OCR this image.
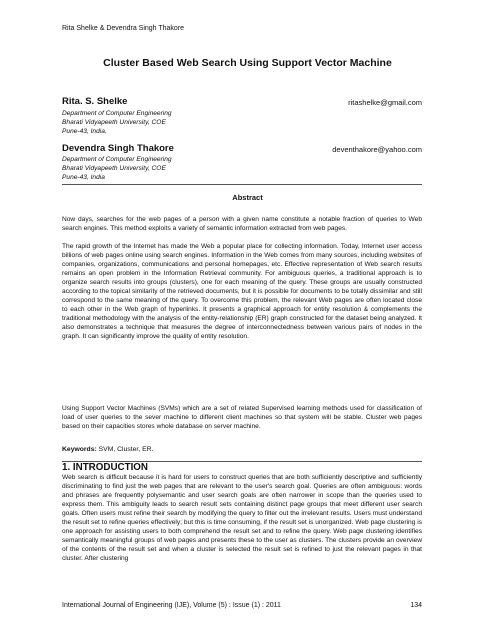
Rita Shelke & Devendra Singh Thakore
Cluster Based Web Search Using Support Vector Machine
Rita. S. Shelke	ritashelke@gmail.com
Department of Computer Engineering
Bharati Vidyapeeth University, COE
Pune-43, India.
Devendra Singh Thakore	deventhakore@yahoo.com
Department of Computer Engineering
Bharati Vidyapeeth University, COE
Pune-43, India
Abstract

Now days, searches for the web pages of a person with a given name constitute a notable fraction of queries to Web search engines. This method exploits a variety of semantic information extracted from web pages.

The rapid growth of the Internet has made the Web a popular place for collecting information. Today, Internet user access billions of web pages online using search engines. Information in the Web comes from many sources, including websites of companies, organizations, communications and personal homepages, etc. Effective representation of Web search results remains an open problem in the Information Retrieval community. For ambiguous queries, a traditional approach is to organize search results into groups (clusters), one for each meaning of the query. These groups are usually constructed according to the topical similarity of the retrieved documents, but it is possible for documents to be totally dissimilar and still correspond to the same meaning of the query. To overcome this problem, the relevant Web pages are often located close to each other in the Web graph of hyperlinks. It presents a graphical approach for entity resolution & complements the traditional methodology with the analysis of the entity-relationship (ER) graph constructed for the dataset being analyzed. It also demonstrates a technique that measures the degree of interconnectedness between various pairs of nodes in the graph. It can significantly improve the quality of entity resolution.

Using Support Vector Machines (SVMs) which are a set of related Supervised learning methods used for classification of load of user queries to the sever machine to different client machines so that system will be stable. Cluster web pages based on their capacities stores whole database on server machine.

Keywords: SVM, Cluster, ER.
1. INTRODUCTION

Web search is difficult because it is hard for users to construct queries that are both sufficiently descriptive and sufficiently discriminating to find just the web pages that are relevant to the user's search goal. Queries are often ambiguous: words and phrases are frequently polysemantic and user search goals are often narrower in scope than the queries used to express them. This ambiguity leads to search result sets containing distinct page groups that meet different user search goals. Often users must refine their search by modifying the query to filter out the irrelevant results. Users must understand the result set to refine queries effectively; but this is time consuming, if the result set is unorganized. Web page clustering is one approach for assisting users to both comprehend the result set and to refine the query. Web page clustering identifies semantically meaningful groups of web pages and presents these to the user as clusters. The clusters provide an overview of the contents of the result set and when a cluster is selected the result set is refined to just the relevant pages in that cluster. After clustering

International Journal of Engineering (IJE), Volume (5) : Issue (1) : 2011	134
